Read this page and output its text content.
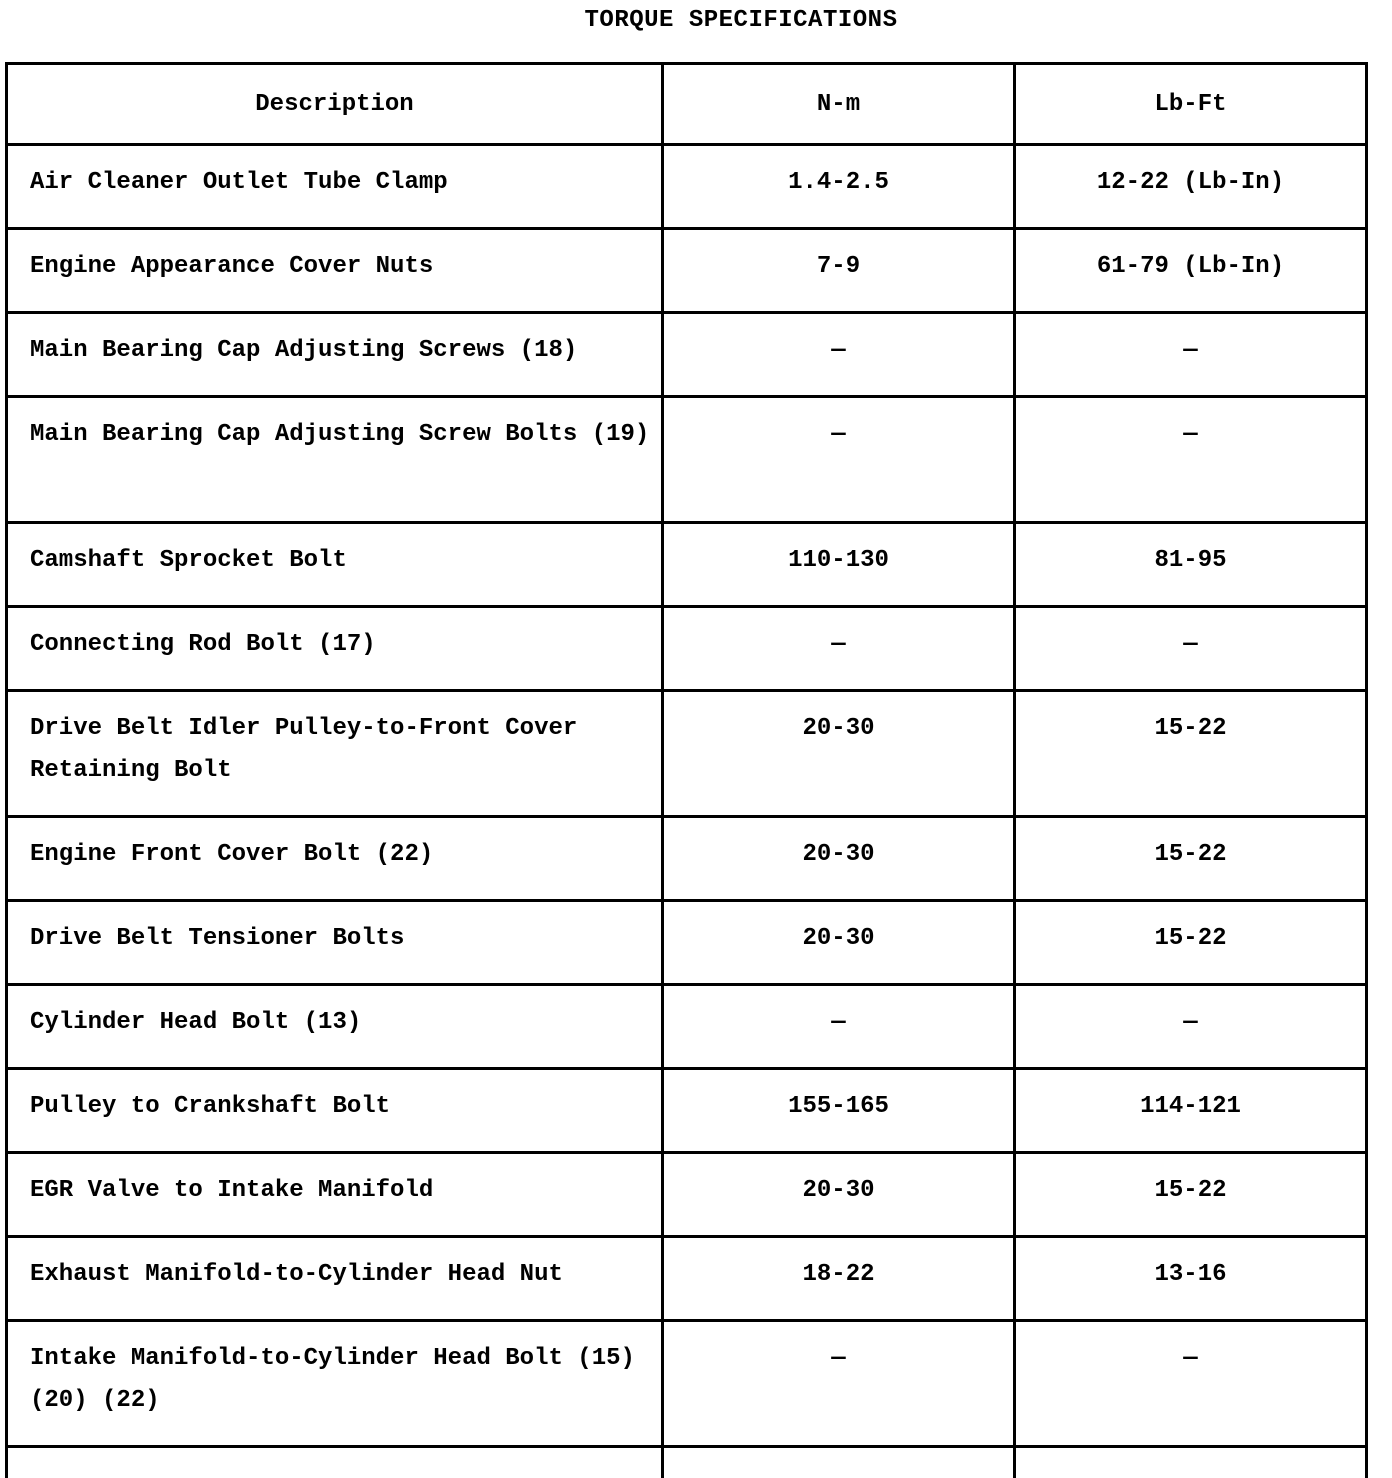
TORQUE SPECIFICATIONS
Description	N-m	Lb-Ft

Air Cleaner Outlet Tube Clamp	1.4-2.5	12-22 (Lb-In)

Engine Appearance Cover Nuts	7-9	61-79 (Lb-In)

Main Bearing Cap Adjusting Screws (18)	—	—

Main Bearing Cap Adjusting Screw Bolts (19)	—	—

Camshaft Sprocket Bolt	110-130	81-95

Connecting Rod Bolt (17)	—	—

Drive Belt Idler Pulley-to-Front Cover Retaining Bolt	20-30	15-22

Engine Front Cover Bolt (22)	20-30	15-22

Drive Belt Tensioner Bolts	20-30	15-22

Cylinder Head Bolt (13)	—	—

Pulley to Crankshaft Bolt	155-165	114-121

EGR Valve to Intake Manifold	20-30	15-22

Exhaust Manifold-to-Cylinder Head Nut	18-22	13-16

Intake Manifold-to-Cylinder Head Bolt (15) (20) (22)	—	—
